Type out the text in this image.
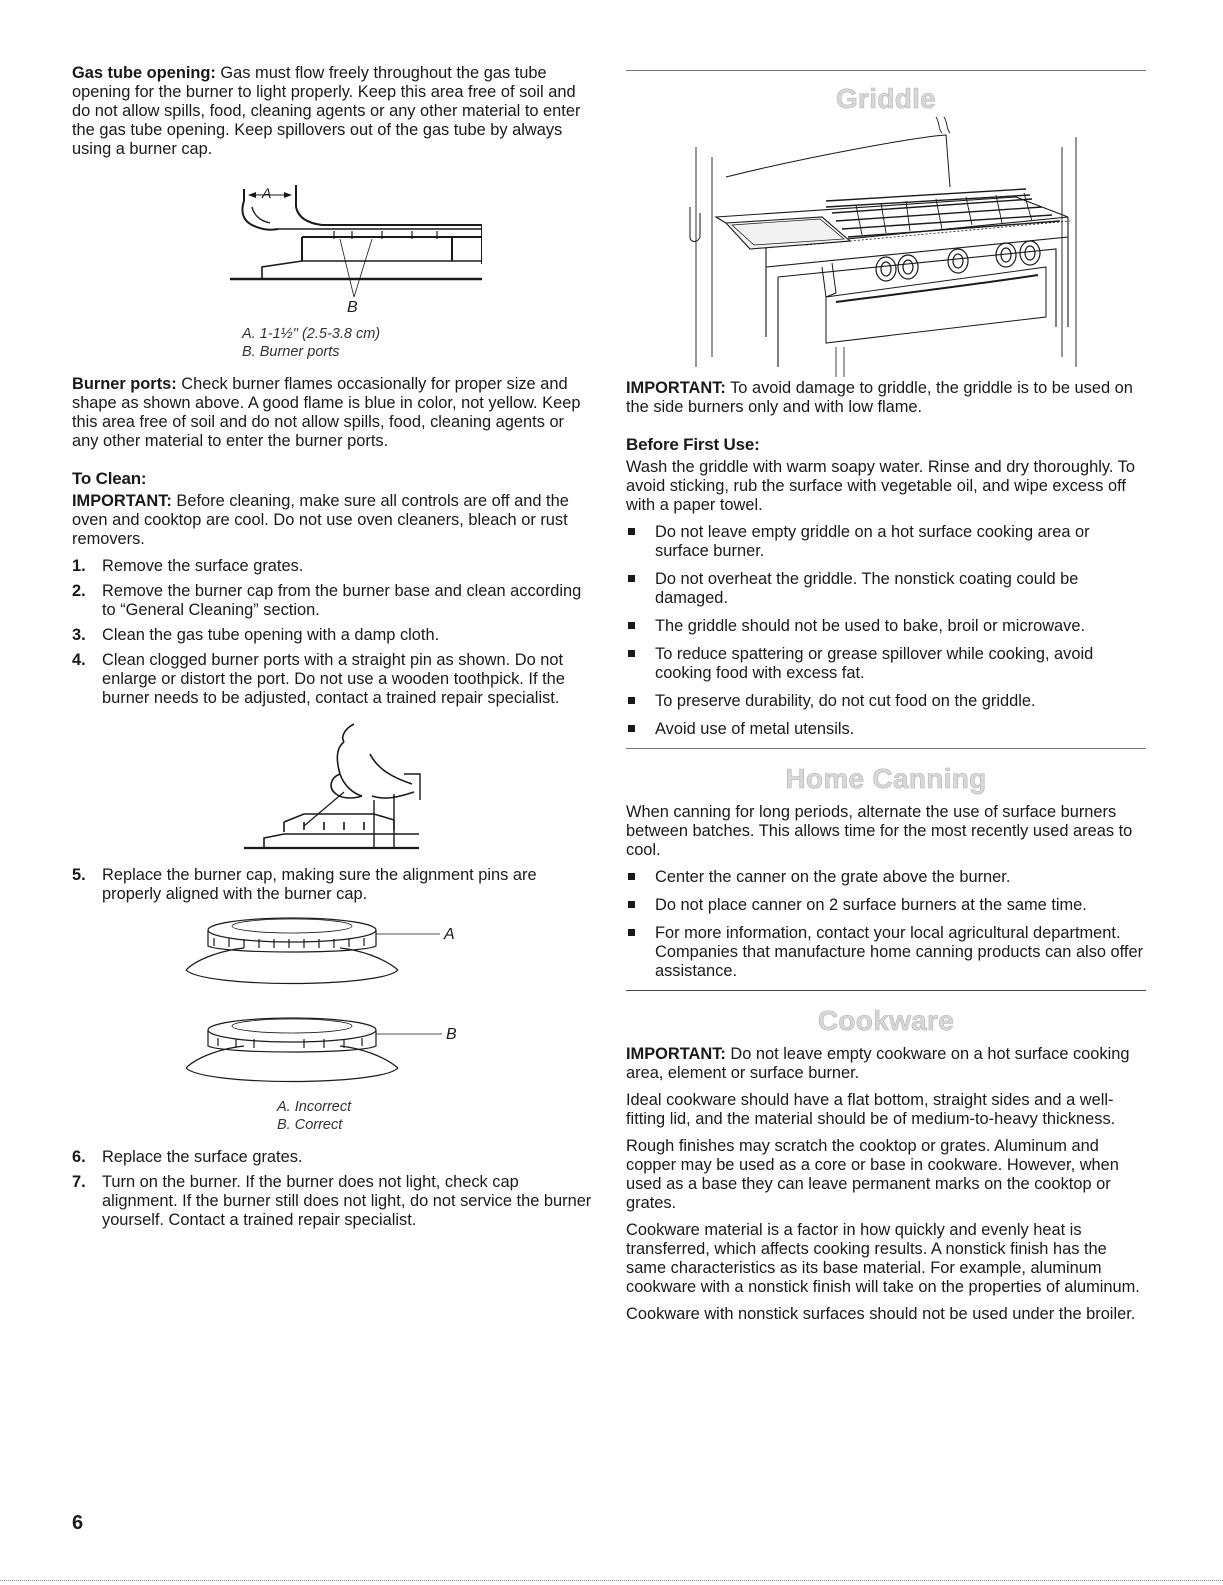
Gas tube opening: Gas must flow freely throughout the gas tube opening for the burner to light properly. Keep this area free of soil and do not allow spills, food, cleaning agents or any other material to enter the gas tube opening. Keep spillovers out of the gas tube by always using a burner cap.

A
B
A. 1-1½" (2.5-3.8 cm)
B. Burner ports

Burner ports: Check burner flames occasionally for proper size and shape as shown above. A good flame is blue in color, not yellow. Keep this area free of soil and do not allow spills, food, cleaning agents or any other material to enter the burner ports.

To Clean:

IMPORTANT: Before cleaning, make sure all controls are off and the oven and cooktop are cool. Do not use oven cleaners, bleach or rust removers.

1. Remove the surface grates.
2. Remove the burner cap from the burner base and clean according to “General Cleaning” section.
3. Clean the gas tube opening with a damp cloth.
4. Clean clogged burner ports with a straight pin as shown. Do not enlarge or distort the port. Do not use a wooden toothpick. If the burner needs to be adjusted, contact a trained repair specialist.
5. Replace the burner cap, making sure the alignment pins are properly aligned with the burner cap.
A
B
A. Incorrect
B. Correct
6. Replace the surface grates.
7. Turn on the burner. If the burner does not light, check cap alignment. If the burner still does not light, do not service the burner yourself. Contact a trained repair specialist.
Griddle

IMPORTANT: To avoid damage to griddle, the griddle is to be used on the side burners only and with low flame.

Before First Use:

Wash the griddle with warm soapy water. Rinse and dry thoroughly. To avoid sticking, rub the surface with vegetable oil, and wipe excess off with a paper towel.

Do not leave empty griddle on a hot surface cooking area or surface burner.
Do not overheat the griddle. The nonstick coating could be damaged.
The griddle should not be used to bake, broil or microwave.
To reduce spattering or grease spillover while cooking, avoid cooking food with excess fat.
To preserve durability, do not cut food on the griddle.
Avoid use of metal utensils.
Home Canning

When canning for long periods, alternate the use of surface burners between batches. This allows time for the most recently used areas to cool.

Center the canner on the grate above the burner.
Do not place canner on 2 surface burners at the same time.
For more information, contact your local agricultural department. Companies that manufacture home canning products can also offer assistance.
Cookware

IMPORTANT: Do not leave empty cookware on a hot surface cooking area, element or surface burner.

Ideal cookware should have a flat bottom, straight sides and a well-fitting lid, and the material should be of medium-to-heavy thickness.

Rough finishes may scratch the cooktop or grates. Aluminum and copper may be used as a core or base in cookware. However, when used as a base they can leave permanent marks on the cooktop or grates.

Cookware material is a factor in how quickly and evenly heat is transferred, which affects cooking results. A nonstick finish has the same characteristics as its base material. For example, aluminum cookware with a nonstick finish will take on the properties of aluminum.

Cookware with nonstick surfaces should not be used under the broiler.

6
